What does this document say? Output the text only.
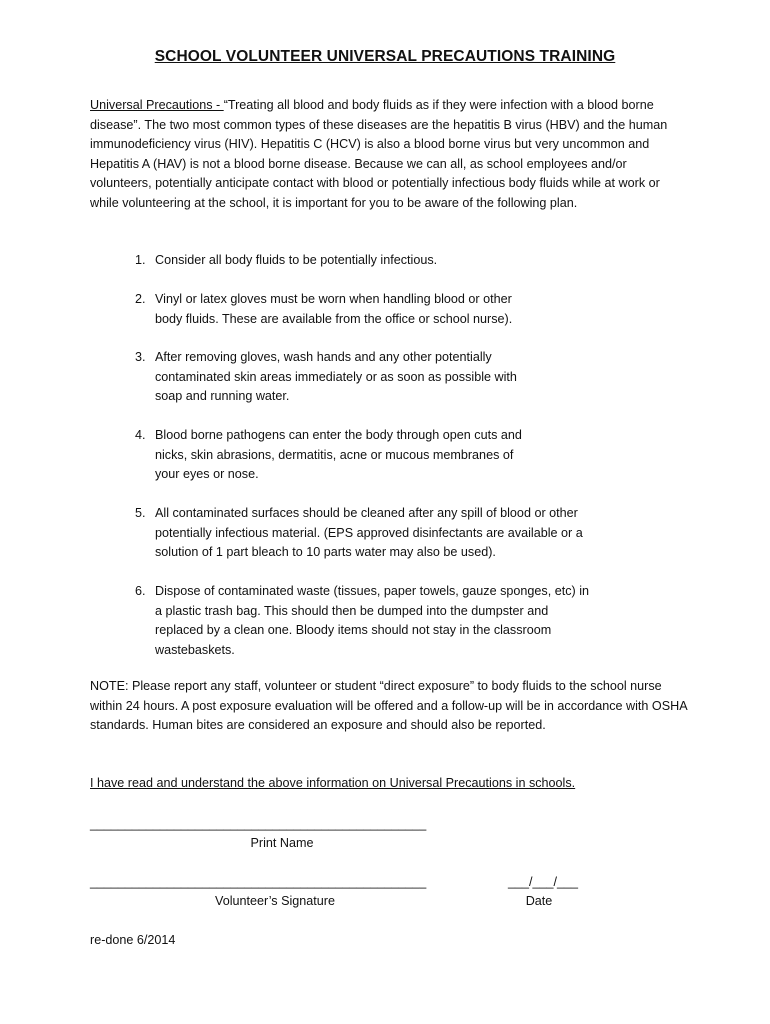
SCHOOL VOLUNTEER UNIVERSAL PRECAUTIONS TRAINING

Universal Precautions - “Treating all blood and body fluids as if they were infection with a blood borne disease”. The two most common types of these diseases are the hepatitis B virus (HBV) and the human immunodeficiency virus (HIV). Hepatitis C (HCV) is also a blood borne virus but very uncommon and Hepatitis A (HAV) is not a blood borne disease. Because we can all, as school employees and/or volunteers, potentially anticipate contact with blood or potentially infectious body fluids while at work or while volunteering at the school, it is important for you to be aware of the following plan.

1. Consider all body fluids to be potentially infectious.
2. Vinyl or latex gloves must be worn when handling blood or other
body fluids. These are available from the office or school nurse).
3. After removing gloves, wash hands and any other potentially
contaminated skin areas immediately or as soon as possible with
soap and running water.
4. Blood borne pathogens can enter the body through open cuts and
nicks, skin abrasions, dermatitis, acne or mucous membranes of
your eyes or nose.
5. All contaminated surfaces should be cleaned after any spill of blood or other
potentially infectious material. (EPS approved disinfectants are available or a
solution of 1 part bleach to 10 parts water may also be used).
6. Dispose of contaminated waste (tissues, paper towels, gauze sponges, etc) in
a plastic trash bag. This should then be dumped into the dumpster and
replaced by a clean one. Bloody items should not stay in the classroom
wastebaskets.

NOTE: Please report any staff, volunteer or student “direct exposure” to body fluids to the school nurse within 24 hours. A post exposure evaluation will be offered and a follow-up will be in accordance with OSHA standards. Human bites are considered an exposure and should also be reported.

I have read and understand the above information on Universal Precautions in schools.
________________________________________________
Print Name
________________________________________________
Volunteer’s Signature
___/___/___
Date
re-done 6/2014
